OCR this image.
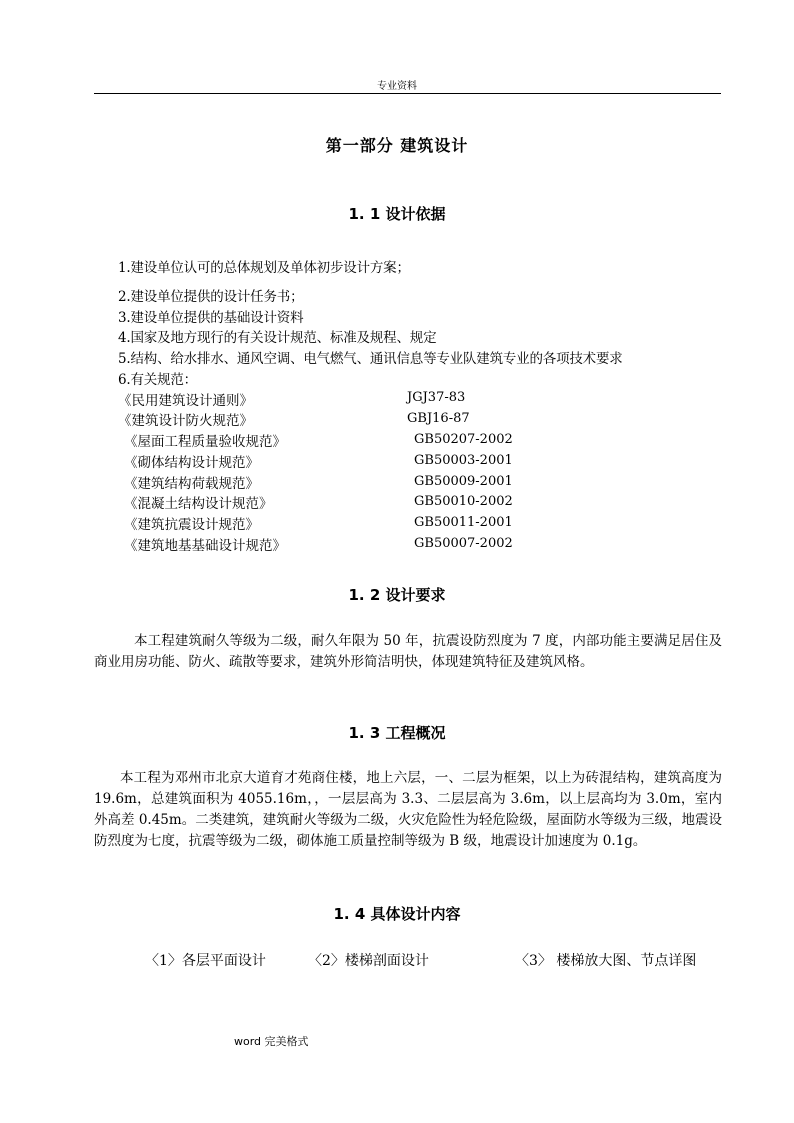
专业资料
第一部分 建筑设计
1. 1 设计依据
1.建设单位认可的总体规划及单体初步设计方案；
2.建设单位提供的设计任务书；
3.建设单位提供的基础设计资料
4.国家及地方现行的有关设计规范、标准及规程、规定
5.结构、给水排水、通风空调、电气燃气、通讯信息等专业队建筑专业的各项技术要求
6.有关规范：
《民用建筑设计通则》	JGJ37-83
《建筑设计防火规范》	GBJ16-87
《屋面工程质量验收规范》	GB50207-2002
《砌体结构设计规范》	GB50003-2001
《建筑结构荷载规范》	GB50009-2001
《混凝土结构设计规范》	GB50010-2002
《建筑抗震设计规范》	GB50011-2001
《建筑地基基础设计规范》	GB50007-2002
1. 2 设计要求

本工程建筑耐久等级为二级，耐久年限为 50 年，抗震设防烈度为 7 度，内部功能主要满足居住及商业用房功能、防火、疏散等要求，建筑外形简洁明快，体现建筑特征及建筑风格。

1. 3 工程概况

本工程为邓州市北京大道育才苑商住楼，地上六层，一、二层为框架，以上为砖混结构，建筑高度为 19.6m，总建筑面积为 4055.16m，，一层层高为 3.3、二层层高为 3.6m，以上层高均为 3.0m，室内外高差 0.45m。二类建筑，建筑耐火等级为二级，火灾危险性为轻危险级，屋面防水等级为三级，地震设防烈度为七度，抗震等级为二级，砌体施工质量控制等级为 B 级，地震设计加速度为 0.1g。

1. 4 具体设计内容
〈1〉各层平面设计	〈2〉楼梯剖面设计	〈3〉 楼梯放大图、节点详图
word 完美格式
